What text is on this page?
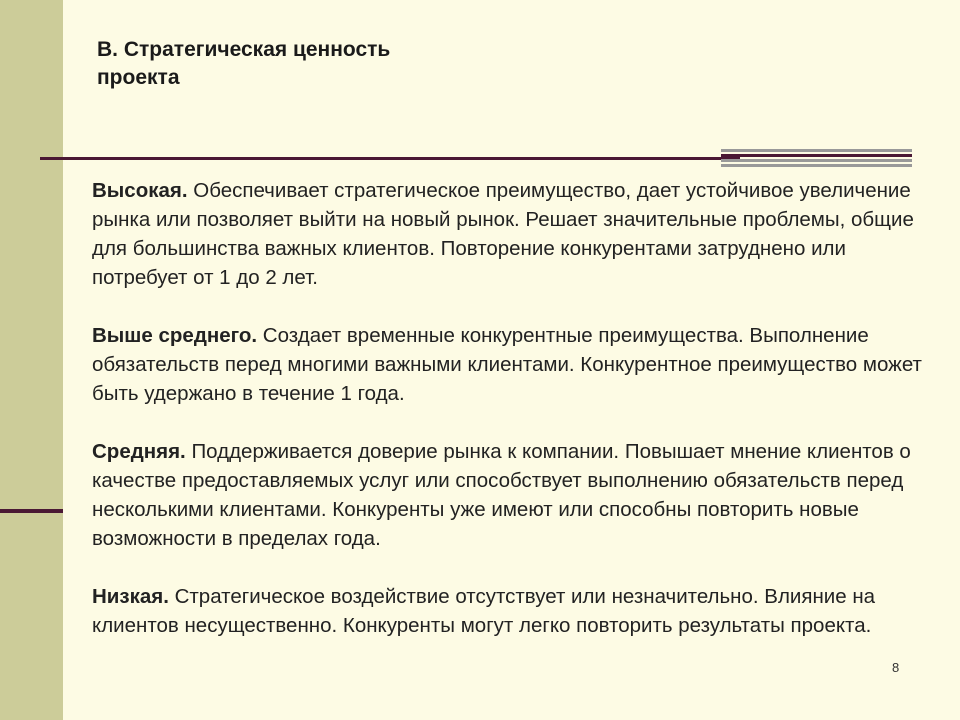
B. Стратегическая ценность
проекта

Высокая. Обеспечивает стратегическое преимущество, дает устойчивое увеличение рынка или позволяет выйти на новый рынок. Решает значительные проблемы, общие для большинства важных клиентов. Повторение конкурентами затруднено или потребует от 1 до 2 лет.

Выше среднего. Создает временные конкурентные преимущества. Выполнение обязательств перед многими важными клиентами. Конкурентное преимущество может быть удержано в течение 1 года.

Средняя. Поддерживается доверие рынка к компании. Повышает мнение клиентов о качестве предоставляемых услуг или способствует выполнению обязательств перед несколькими клиентами. Конкуренты уже имеют или способны повторить новые возможности в пределах года.

Низкая. Стратегическое воздействие отсутствует или незначительно. Влияние на клиентов несущественно. Конкуренты могут легко повторить результаты проекта.

8
